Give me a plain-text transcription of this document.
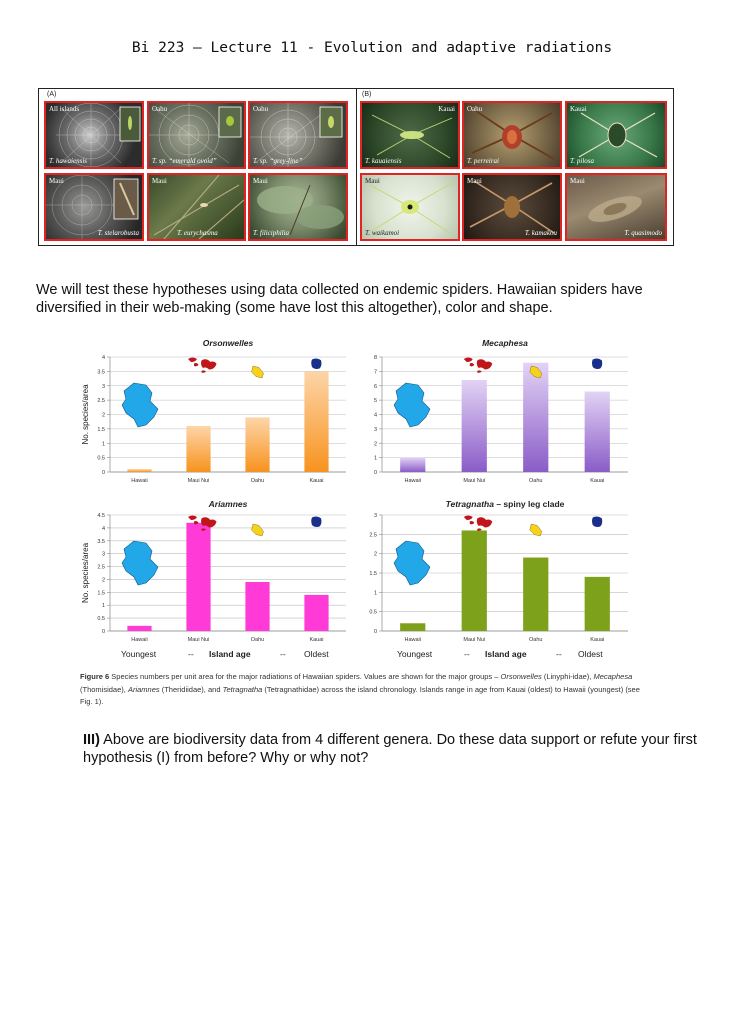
Bi 223 – Lecture 11 - Evolution and adaptive radiations
(A)	(B)
All islands
T. hawaiensis
Oahu
T. sp. “emerald ovoid”
Oahu
T. sp. “grey-line”
T. stelarobusta
Maui	Maui
T. eurychasma
Maui
T. filiciphilia
Kauai
T. kauaiensis
Oahu
T. perreirai
Kauai
T. pilosa
Maui
T. waikamoi
Maui
T. kamakou
Maui
T. quasimodo
We will test these hypotheses using data collected on endemic spiders. Hawaiian spiders have diversified in their web-making (some have lost this altogether), color and shape.
Orsonwelles
0
0.5
1
1.5
2
2.5
3
3.5
4
No. species/area
Hawaii	Maui Nui	Oahu	Kauai
Mecaphesa
0
1
2
3
4
5
6
7
8
Hawaii	Maui Nui	Oahu	Kauai
Ariamnes
0
0.5
1
1.5
2
2.5
3
3.5
4
4.5
No. species/area
Hawaii	Maui Nui	Oahu	Kauai
Tetragnatha – spiny leg clade
0
0.5
1
1.5
2
2.5
3
Hawaii	Maui Nui	Oahu	Kauai
Youngest	-- Island age	-- Oldest	Youngest	-- Island age	-- Oldest
Figure 6 Species numbers per unit area for the major radiations of Hawaiian spiders. Values are shown for the major groups – Orsonwelles (Linyphi-idae), Mecaphesa (Thomisidae), Ariamnes (Theridiidae), and Tetragnatha (Tetragnathidae) across the island chronology. Islands range in age from Kauai (oldest) to Hawaii (youngest) (see Fig. 1).
III) Above are biodiversity data from 4 different genera. Do these data support or refute your first hypothesis (I) from before? Why or why not?
